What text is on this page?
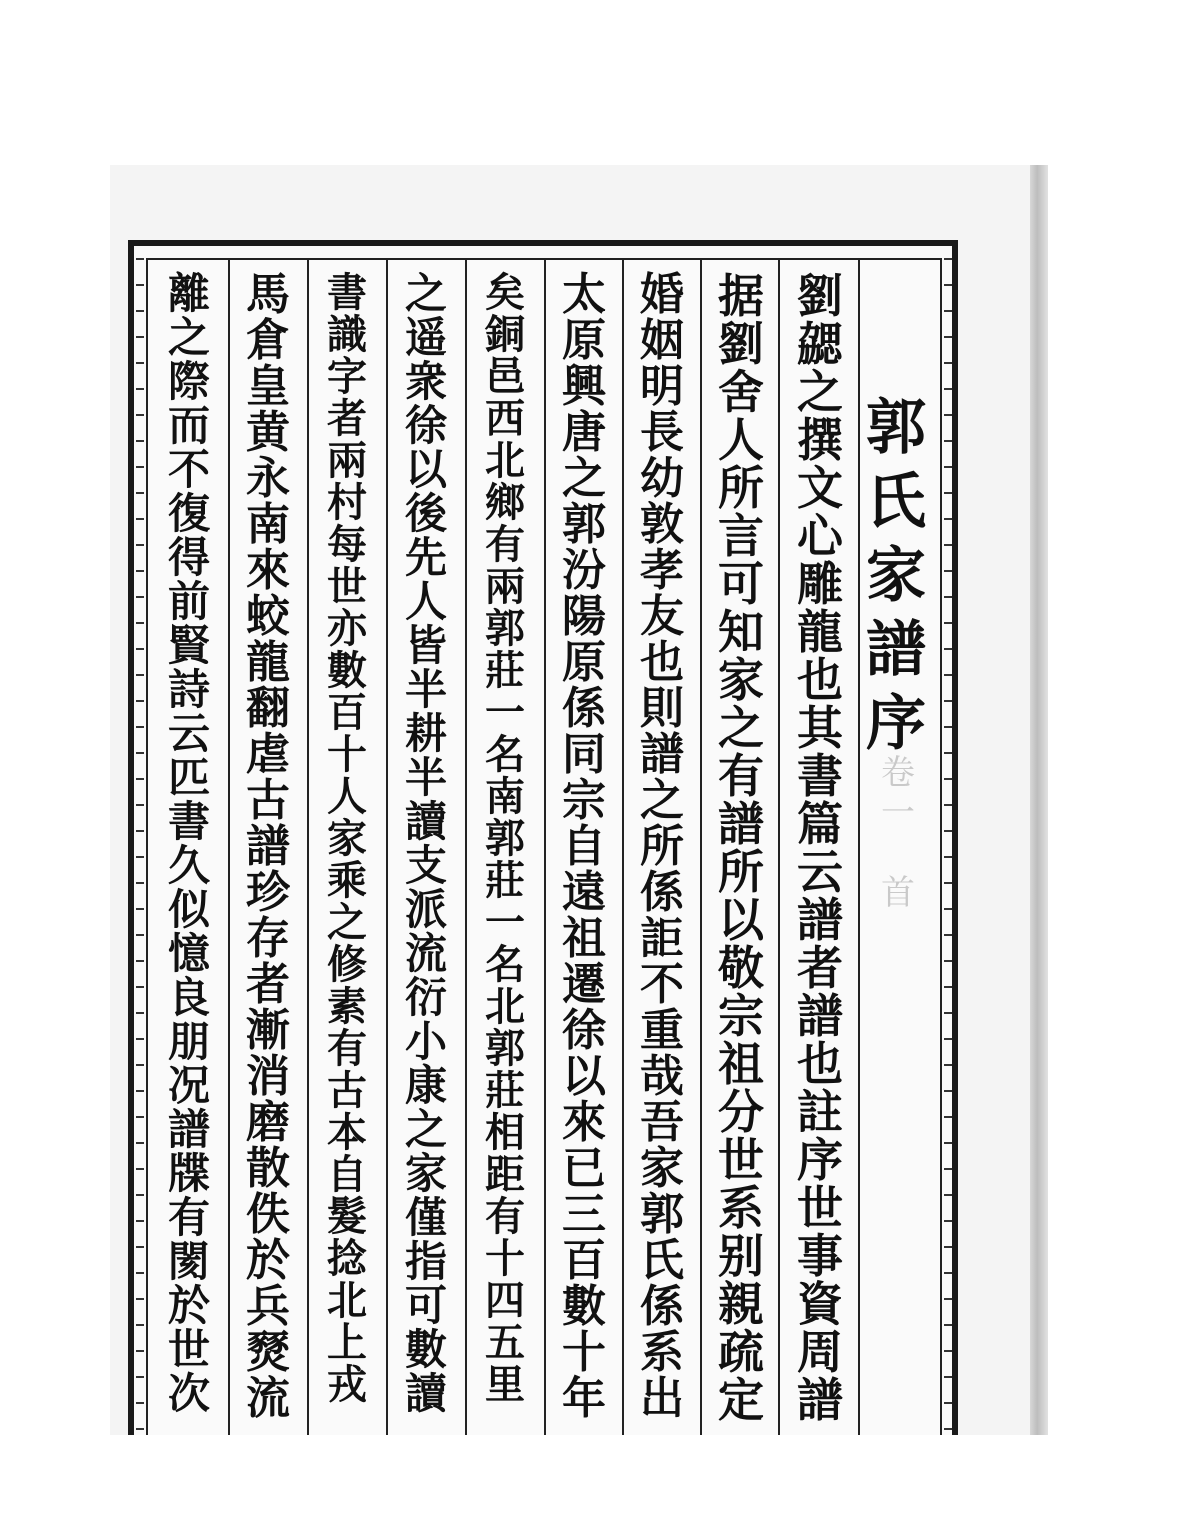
郭
氏
家
譜
序
卷
一
首
劉
勰
之
撰
文
心
雕
龍
也
其
書
篇
云
譜
者
譜
也
註
序
世
事
資
周
譜
据
劉
舍
人
所
言
可
知
家
之
有
譜
所
以
敬
宗
祖
分
世
系
别
親
疏
定
婚
姻
明
長
幼
敦
孝
友
也
則
譜
之
所
係
詎
不
重
哉
吾
家
郭
氏
係
系
出
太
原
興
唐
之
郭
汾
陽
原
係
同
宗
自
遠
祖
遷
徐
以
來
已
三
百
數
十
年
矣
銅
邑
西
北
鄉
有
兩
郭
莊
一
名
南
郭
莊
一
名
北
郭
莊
相
距
有
十
四
五
里
之
遥
衆
徐
以
後
先
人
皆
半
耕
半
讀
支
派
流
衍
小
康
之
家
僅
指
可
數
讀
書
識
字
者
兩
村
每
世
亦
數
百
十
人
家
乘
之
修
素
有
古
本
自
髮
捻
北
上
戎
馬
倉
皇
黄
永
南
來
蛟
龍
翻
虐
古
譜
珍
存
者
漸
消
磨
散
佚
於
兵
燹
流
離
之
際
而
不
復
得
前
賢
詩
云
匹
書
久
似
憶
良
朋
况
譜
牒
有
閡
於
世
次
